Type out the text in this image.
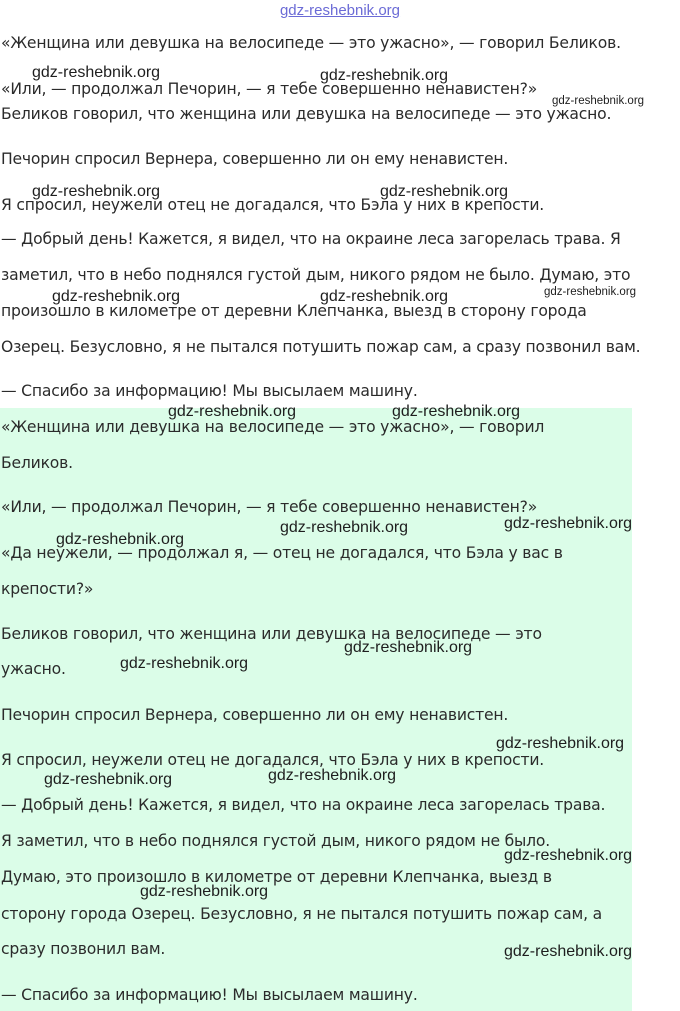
gdz-reshebnik.org
«Женщина или девушка на велосипеде — это ужасно», — говорил Беликов.
«Или, — продолжал Печорин, — я тебе совершенно ненавистен?»
Беликов говорил, что женщина или девушка на велосипеде — это ужасно.
Печорин спросил Вернера, совершенно ли он ему ненавистен.
Я спросил, неужели отец не догадался, что Бэла у них в крепости.
— Добрый день! Кажется, я видел, что на окраине леса загорелась трава. Я
заметил, что в небо поднялся густой дым, никого рядом не было. Думаю, это
произошло в километре от деревни Клепчанка, выезд в сторону города
Озерец. Безусловно, я не пытался потушить пожар сам, а сразу позвонил вам.
— Спасибо за информацию! Мы высылаем машину.
«Женщина или девушка на велосипеде — это ужасно», — говорил
Беликов.
«Или, — продолжал Печорин, — я тебе совершенно ненавистен?»
«Да неужели, — продолжал я, — отец не догадался, что Бэла у вас в
крепости?»
Беликов говорил, что женщина или девушка на велосипеде — это
ужасно.
Печорин спросил Вернера, совершенно ли он ему ненавистен.
Я спросил, неужели отец не догадался, что Бэла у них в крепости.
— Добрый день! Кажется, я видел, что на окраине леса загорелась трава.
Я заметил, что в небо поднялся густой дым, никого рядом не было.
Думаю, это произошло в километре от деревни Клепчанка, выезд в
сторону города Озерец. Безусловно, я не пытался потушить пожар сам, а
сразу позвонил вам.
— Спасибо за информацию! Мы высылаем машину.
gdz-reshebnik.org	gdz-reshebnik.org
gdz-reshebnik.org
gdz-reshebnik.org	gdz-reshebnik.org
gdz-reshebnik.org	gdz-reshebnik.org	gdz-reshebnik.org
gdz-reshebnik.org	gdz-reshebnik.org
gdz-reshebnik.org
gdz-reshebnik.org	gdz-reshebnik.org
gdz-reshebnik.org
gdz-reshebnik.org
gdz-reshebnik.org
gdz-reshebnik.org	gdz-reshebnik.org
gdz-reshebnik.org
gdz-reshebnik.org
gdz-reshebnik.org
